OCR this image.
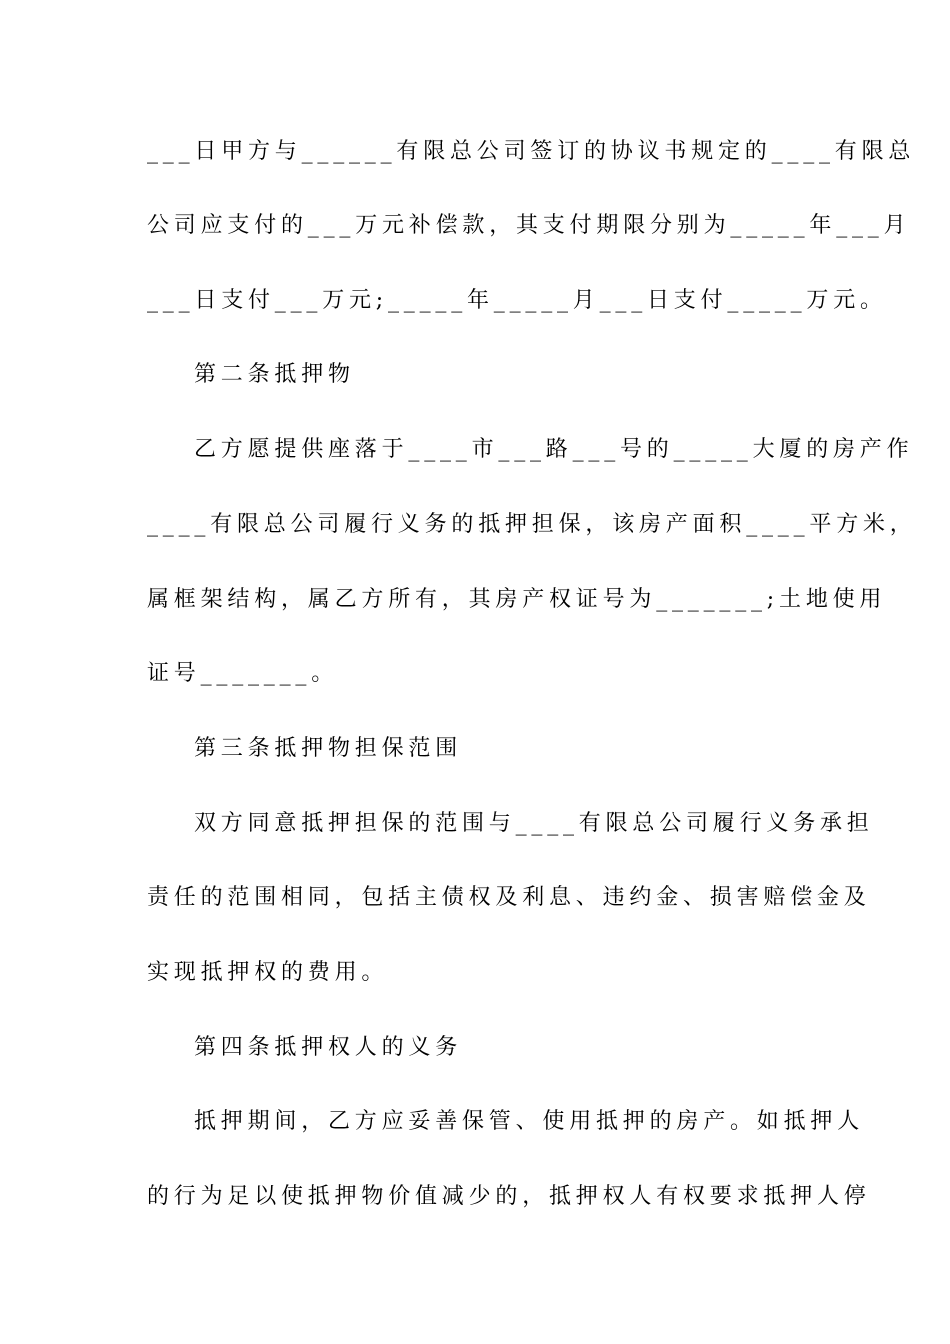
___日甲方与______有限总公司签订的协议书规定的____有限总
公司应支付的___万元补偿款，其支付期限分别为_____年___月
___日支付___万元;_____年_____月___日支付_____万元。
第二条抵押物
乙方愿提供座落于____市___路___号的_____大厦的房产作
____有限总公司履行义务的抵押担保，该房产面积____平方米，
属框架结构，属乙方所有，其房产权证号为_______;土地使用
证号_______。
第三条抵押物担保范围
双方同意抵押担保的范围与____有限总公司履行义务承担
责任的范围相同，包括主债权及利息、违约金、损害赔偿金及
实现抵押权的费用。
第四条抵押权人的义务
抵押期间，乙方应妥善保管、使用抵押的房产。如抵押人
的行为足以使抵押物价值减少的，抵押权人有权要求抵押人停
